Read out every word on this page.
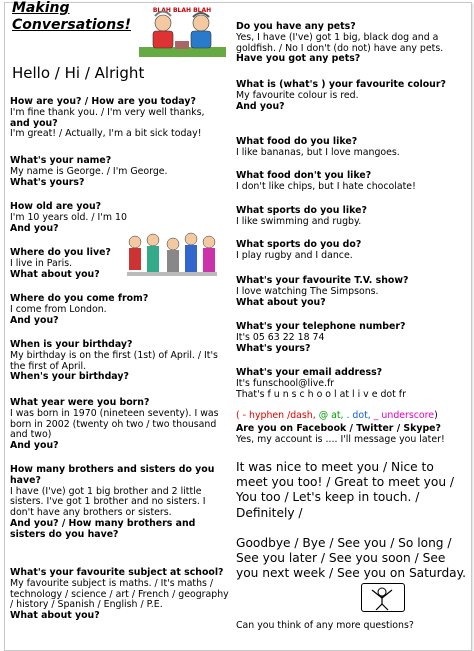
Making
Conversations!
BLAH BLAH BLAH
Hello / Hi / Alright
How are you? / How are you today?
I'm fine thank you. / I'm very well thanks,
and you?
I'm great! / Actually, I'm a bit sick today!
What's your name?
My name is George. / I'm George.
What's yours?
How old are you?
I'm 10 years old. / I'm 10
And you?
Where do you live?
I live in Paris.
What about you?
Where do you come from?
I come from London.
And you?
When is your birthday?
My birthday is on the first (1st) of April. / It's the first of April.
When's your birthday?
What year were you born?
I was born in 1970 (nineteen seventy). I was born in 2002 (twenty oh two / two thousand and two)
And you?
How many brothers and sisters do you have?
I have (I've) got 1 big brother and 2 little sisters. I've got 1 brother and no sisters. I don't have any brothers or sisters.
And you? / How many brothers and sisters do you have?
What's your favourite subject at school?
My favourite subject is maths. / It's maths / technology / science / art / French / geography / history / Spanish / English / P.E.
What about you?
Do you have any pets?
Yes, I have (I've) got 1 big, black dog and a goldfish. / No I don't (do not) have any pets.
Have you got any pets?
What is (what's ) your favourite colour?
My favourite colour is red.
And you?
What food do you like?
I like bananas, but I love mangoes.
What food don't you like?
I don't like chips, but I hate chocolate!
What sports do you like?
I like swimming and rugby.
What sports do you do?
I play rugby and I dance.
What's your favourite T.V. show?
I love watching The Simpsons.
What about you?
What's your telephone number?
It's 05 63 22 18 74
What's yours?
What's your email address?
It's funschool@live.fr
That's f u n s c h o o l at l i v e dot fr

( - hyphen /dash, @ at, . dot, _ underscore)

Are you on Facebook / Twitter / Skype?
Yes, my account is .... I'll message you later!
It was nice to meet you / Nice to meet you too! / Great to meet you / You too / Let's keep in touch. / Definitely /
Goodbye / Bye / See you / So long / See you later / See you soon / See you next week / See you on Saturday.
Can you think of any more questions?
